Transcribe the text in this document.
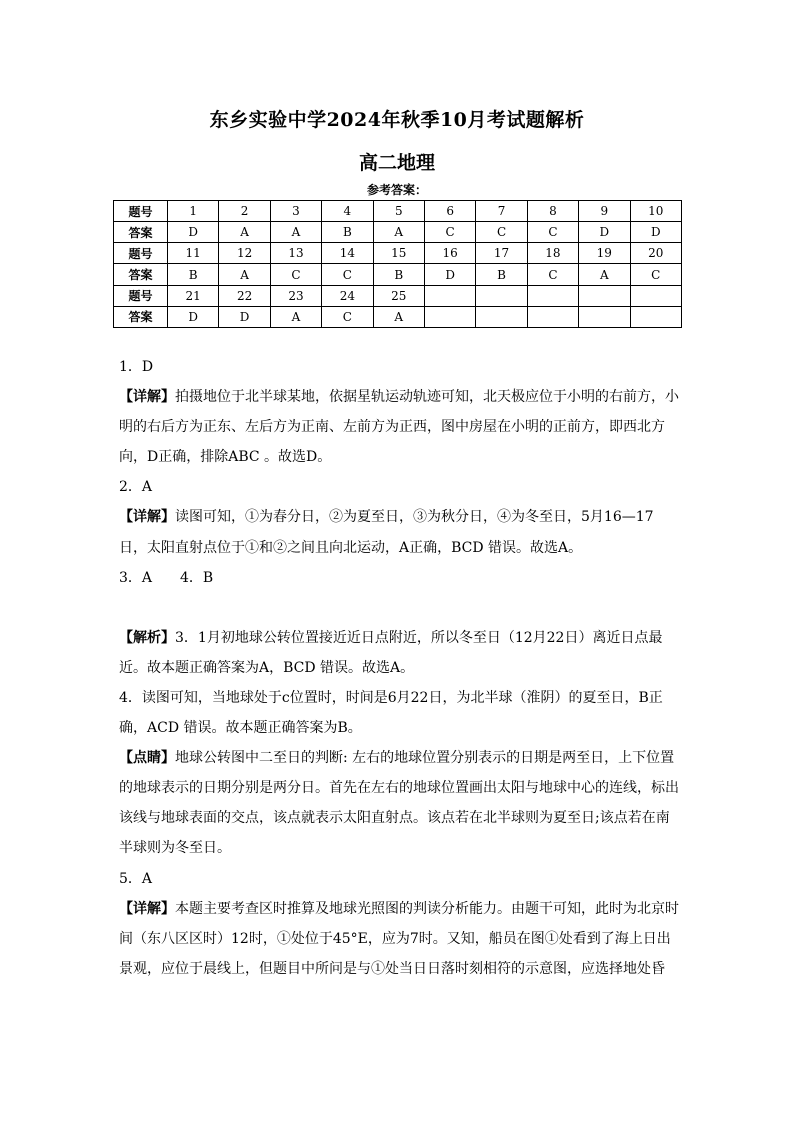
东乡实验中学2024年秋季10月考试题解析
高二地理
参考答案：
题号	1	2	3	4	5	6	7	8	9	10
答案	D	A	A	B	A	C	C	C	D	D
题号	11	12	13	14	15	16	17	18	19	20
答案	B	A	C	C	B	D	B	C	A	C
题号	21	22	23	24	25					
答案	D	D	A	C	A					

1．D

【详解】拍摄地位于北半球某地，依据星轨运动轨迹可知，北天极应位于小明的右前方，小明的右后方为正东、左后方为正南、左前方为正西，图中房屋在小明的正前方，即西北方向，D正确，排除ABC 。故选D。

2．A

【详解】读图可知，①为春分日，②为夏至日，③为秋分日，④为冬至日，5月16—17日，太阳直射点位于①和②之间且向北运动，A正确，BCD 错误。故选A。

3．A　　4．B

【解析】3．1月初地球公转位置接近近日点附近，所以冬至日（12月22日）离近日点最近。故本题正确答案为A，BCD 错误。故选A。

4．读图可知，当地球处于c位置时，时间是6月22日，为北半球（淮阴）的夏至日，B正确，ACD 错误。故本题正确答案为B。

【点睛】地球公转图中二至日的判断: 左右的地球位置分别表示的日期是两至日，上下位置的地球表示的日期分别是两分日。首先在左右的地球位置画出太阳与地球中心的连线，标出该线与地球表面的交点，该点就表示太阳直射点。该点若在北半球则为夏至日;该点若在南半球则为冬至日。

5．A

【详解】本题主要考查区时推算及地球光照图的判读分析能力。由题干可知，此时为北京时间（东八区区时）12时，①处位于45°E，应为7时。又知，船员在图①处看到了海上日出景观，应位于晨线上，但题目中所问是与①处当日日落时刻相符的示意图，应选择地处昏
